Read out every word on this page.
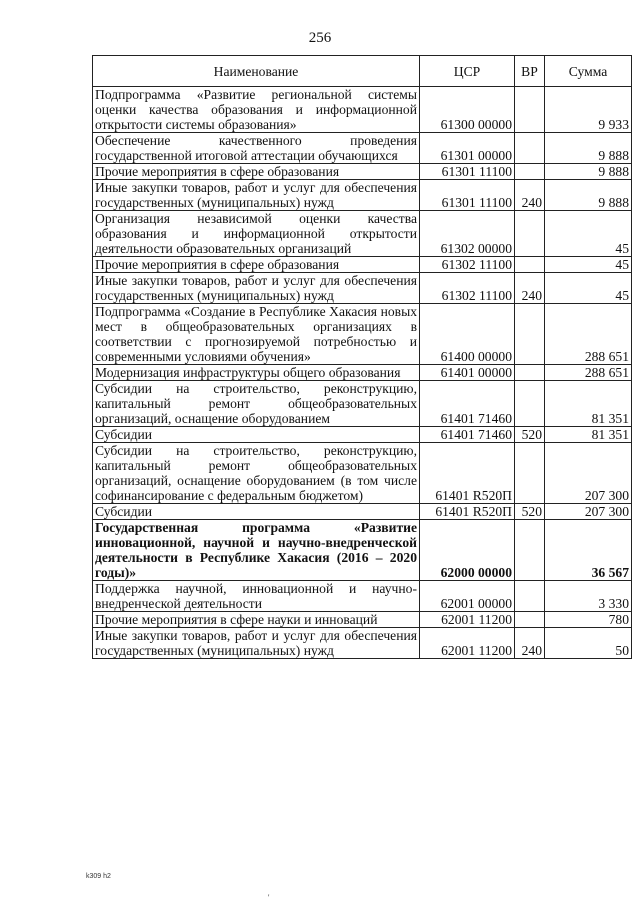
256
Наименование	ЦСР	ВР	Сумма
Подпрограмма «Развитие региональной системы оценки качества образования и информационной открытости системы образования»	61300 00000		9 933
Обеспечение качественного проведения государственной итоговой аттестации обучающихся	61301 00000		9 888
Прочие мероприятия в сфере образования	61301 11100		9 888
Иные закупки товаров, работ и услуг для обеспечения государственных (муниципальных) нужд	61301 11100	240	9 888
Организация независимой оценки качества образования и информационной открытости деятельности образовательных организаций	61302 00000		45
Прочие мероприятия в сфере образования	61302 11100		45
Иные закупки товаров, работ и услуг для обеспечения государственных (муниципальных) нужд	61302 11100	240	45
Подпрограмма «Создание в Республике Хакасия новых мест в общеобразовательных организациях в соответствии с прогнозируемой потребностью и современными условиями обучения»	61400 00000		288 651
Модернизация инфраструктуры общего образования	61401 00000		288 651
Субсидии на строительство, реконструкцию, капитальный ремонт общеобразовательных организаций, оснащение оборудованием	61401 71460		81 351
Субсидии	61401 71460	520	81 351
Субсидии на строительство, реконструкцию, капитальный ремонт общеобразовательных организаций, оснащение оборудованием (в том числе софинансирование с федеральным бюджетом)	61401 R520П		207 300
Субсидии	61401 R520П	520	207 300
Государственная программа «Развитие инновационной, научной и научно-внедренческой деятельности в Республике Хакасия (2016 – 2020 годы)»	62000 00000		36 567
Поддержка научной, инновационной и научно-внедренческой деятельности	62001 00000		3 330
Прочие мероприятия в сфере науки и инноваций	62001 11200		780
Иные закупки товаров, работ и услуг для обеспечения государственных (муниципальных) нужд	62001 11200	240	50
k309 h2
'
